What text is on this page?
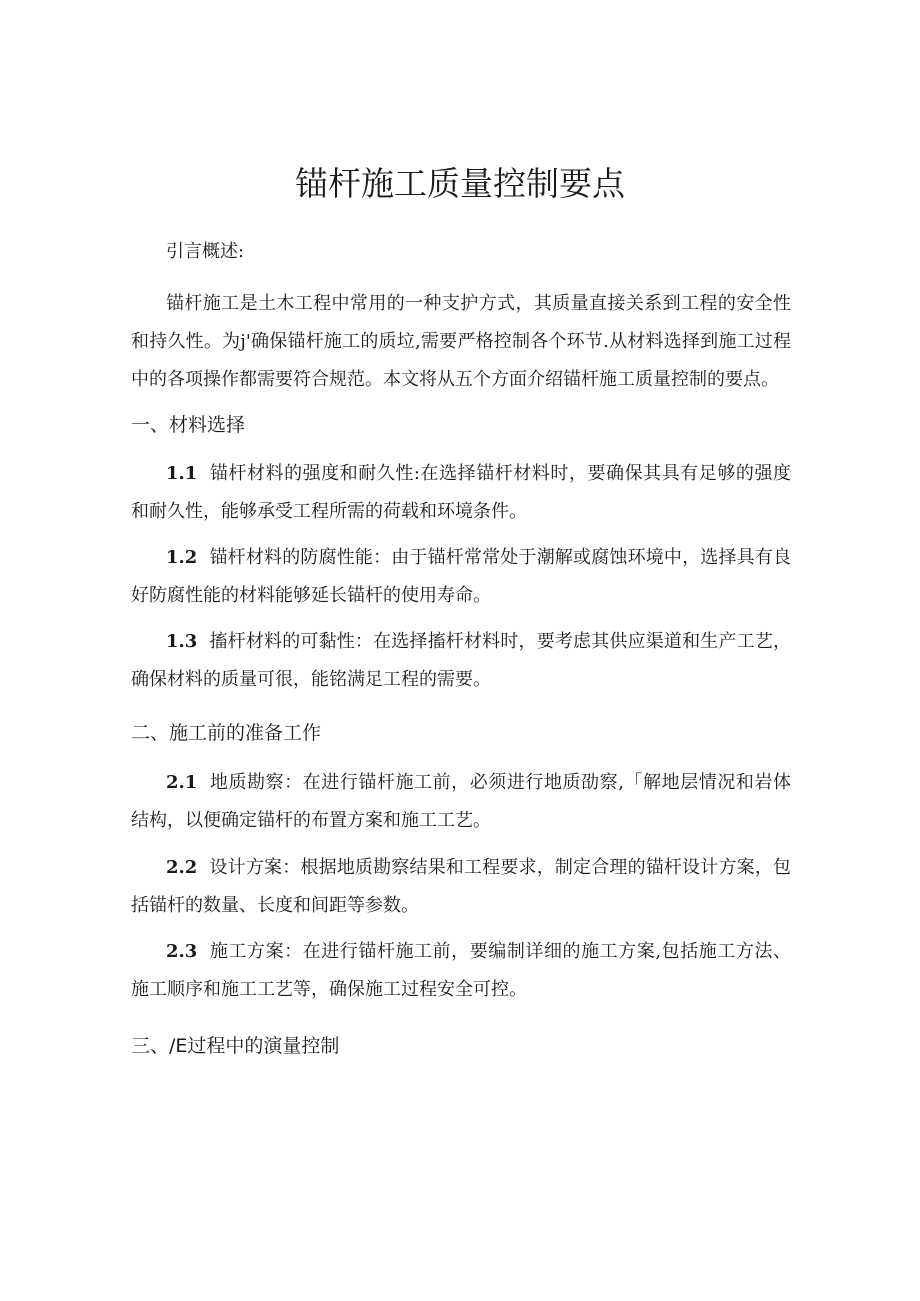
锚杆施工质量控制要点

引言概述:

锚杆施工是土木工程中常用的一种支护方式，其质量直接关系到工程的安全性和持久性。为j'确保锚杆施工的质垃,需要严格控制各个环节.从材料选择到施工过程中的各项操作都需要符合规范。本文将从五个方面介绍锚杆施工质量控制的要点。

一、材料选择

1.1 锚杆材料的强度和耐久性:在选择锚杆材料时，要确保其具有足够的强度和耐久性，能够承受工程所需的荷载和环境条件。

1.2 锚杆材料的防腐性能：由于锚杆常常处于潮解或腐蚀环境中，选择具有良好防腐性能的材料能够延长锚杆的使用寿命。

1.3 搐杆材料的可黏性：在选择搐杆材料时，要考虑其供应渠道和生产工艺，确保材料的质量可很，能铭满足工程的需要。

二、施工前的准备工作

2.1 地质勘察：在进行锚杆施工前，必须进行地质劭察,「解地层情况和岩体结构，以便确定锚杆的布置方案和施工工艺。

2.2 设计方案：根据地质勘察结果和工程要求，制定合理的锚杆设计方案，包括锚杆的数量、长度和间距等参数。

2.3 施工方案：在进行锚杆施工前，要编制详细的施工方案,包括施工方法、施工顺序和施工工艺等，确保施工过程安全可控。

三、/E过程中的演量控制
